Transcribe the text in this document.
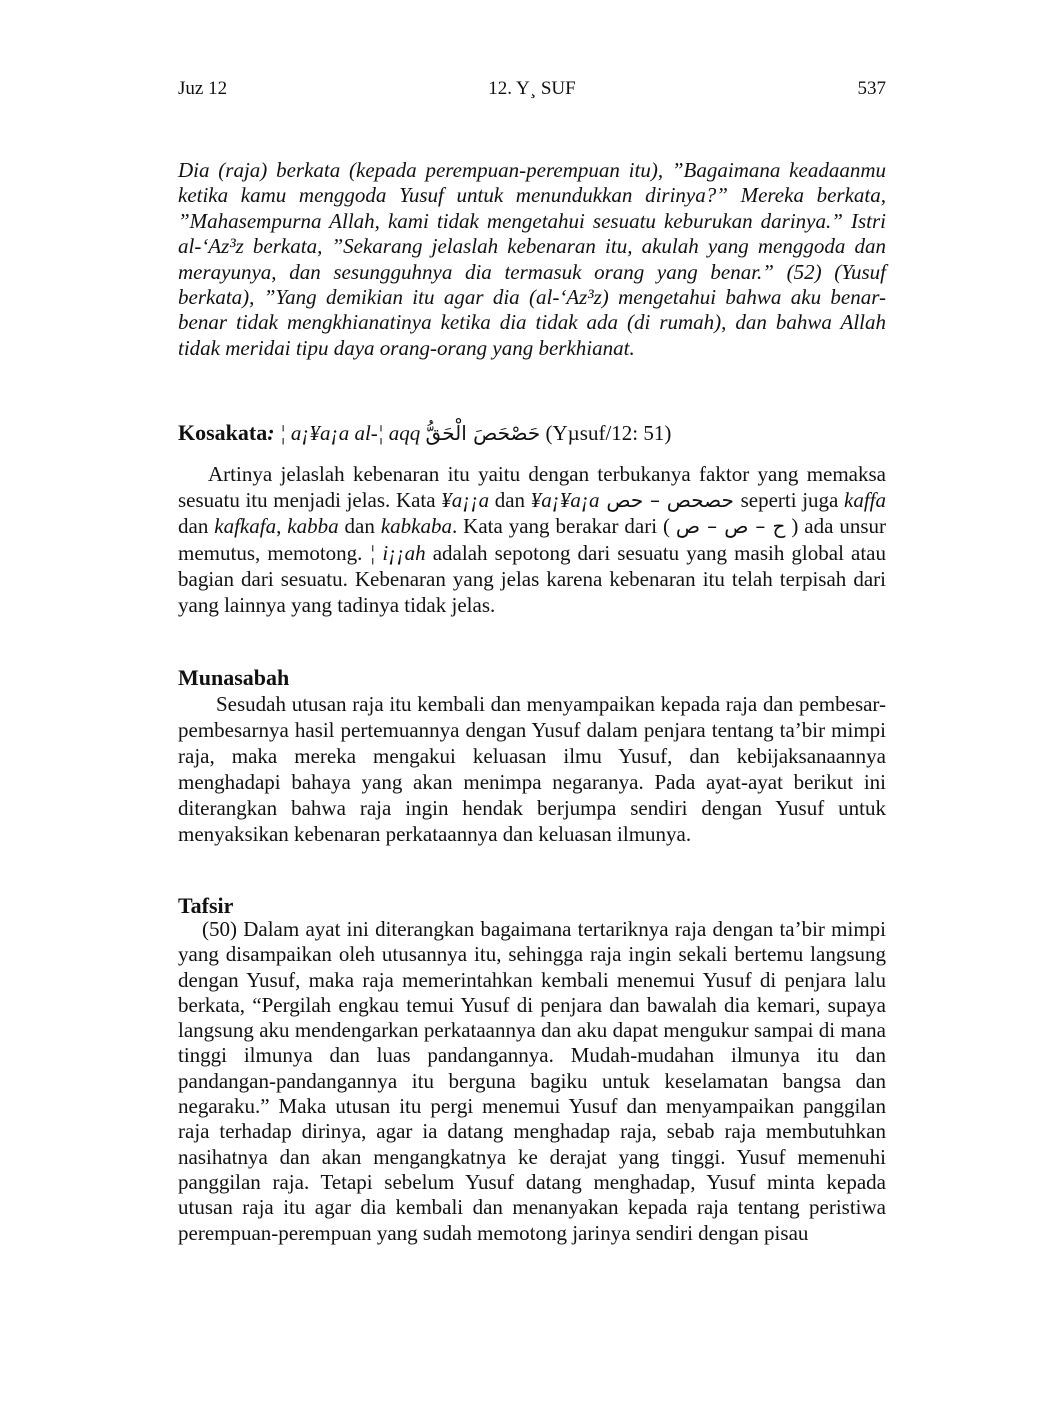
Juz 12	12. Y¸ SUF	537
Dia (raja) berkata (kepada perempuan-perempuan itu), ”Bagaimana keadaanmu ketika kamu menggoda Yusuf untuk menundukkan dirinya?” Mereka berkata, ”Mahasempurna Allah, kami tidak mengetahui sesuatu keburukan darinya.” Istri al-‘Az³z berkata, ”Sekarang jelaslah kebenaran itu, akulah yang menggoda dan merayunya, dan sesungguhnya dia termasuk orang yang benar.” (52) (Yusuf berkata), ”Yang demikian itu agar dia (al-‘Az³z) mengetahui bahwa aku benar-benar tidak mengkhianatinya ketika dia tidak ada (di rumah), dan bahwa Allah tidak meridai tipu daya orang-orang yang berkhianat.
Kosakata: ¦ a¡¥a¡a al-¦ aqq حَصْحَصَ الْحَقُّ (Yµsuf/12: 51)

Artinya jelaslah kebenaran itu yaitu dengan terbukanya faktor yang memaksa sesuatu itu menjadi jelas. Kata ¥a¡¡a dan ¥a¡¥a¡a حصحص – حص seperti juga kaffa dan kafkafa, kabba dan kabkaba. Kata yang berakar dari ( ح – ص – ص ) ada unsur memutus, memotong. ¦ i¡¡ah adalah sepotong dari sesuatu yang masih global atau bagian dari sesuatu. Kebenaran yang jelas karena kebenaran itu telah terpisah dari yang lainnya yang tadinya tidak jelas.

Munasabah

Sesudah utusan raja itu kembali dan menyampaikan kepada raja dan pembesar-pembesarnya hasil pertemuannya dengan Yusuf dalam penjara tentang ta’bir mimpi raja, maka mereka mengakui keluasan ilmu Yusuf, dan kebijaksanaannya menghadapi bahaya yang akan menimpa negaranya. Pada ayat-ayat berikut ini diterangkan bahwa raja ingin hendak berjumpa sendiri dengan Yusuf untuk menyaksikan kebenaran perkataannya dan keluasan ilmunya.

Tafsir

(50) Dalam ayat ini diterangkan bagaimana tertariknya raja dengan ta’bir mimpi yang disampaikan oleh utusannya itu, sehingga raja ingin sekali bertemu langsung dengan Yusuf, maka raja memerintahkan kembali menemui Yusuf di penjara lalu berkata, “Pergilah engkau temui Yusuf di penjara dan bawalah dia kemari, supaya langsung aku mendengarkan perkataannya dan aku dapat mengukur sampai di mana tinggi ilmunya dan luas pandangannya. Mudah-mudahan ilmunya itu dan pandangan-pandangannya itu berguna bagiku untuk keselamatan bangsa dan negaraku.” Maka utusan itu pergi menemui Yusuf dan menyampaikan panggilan raja terhadap dirinya, agar ia datang menghadap raja, sebab raja membutuhkan nasihatnya dan akan mengangkatnya ke derajat yang tinggi. Yusuf memenuhi panggilan raja. Tetapi sebelum Yusuf datang menghadap, Yusuf minta kepada utusan raja itu agar dia kembali dan menanyakan kepada raja tentang peristiwa perempuan-perempuan yang sudah memotong jarinya sendiri dengan pisau
